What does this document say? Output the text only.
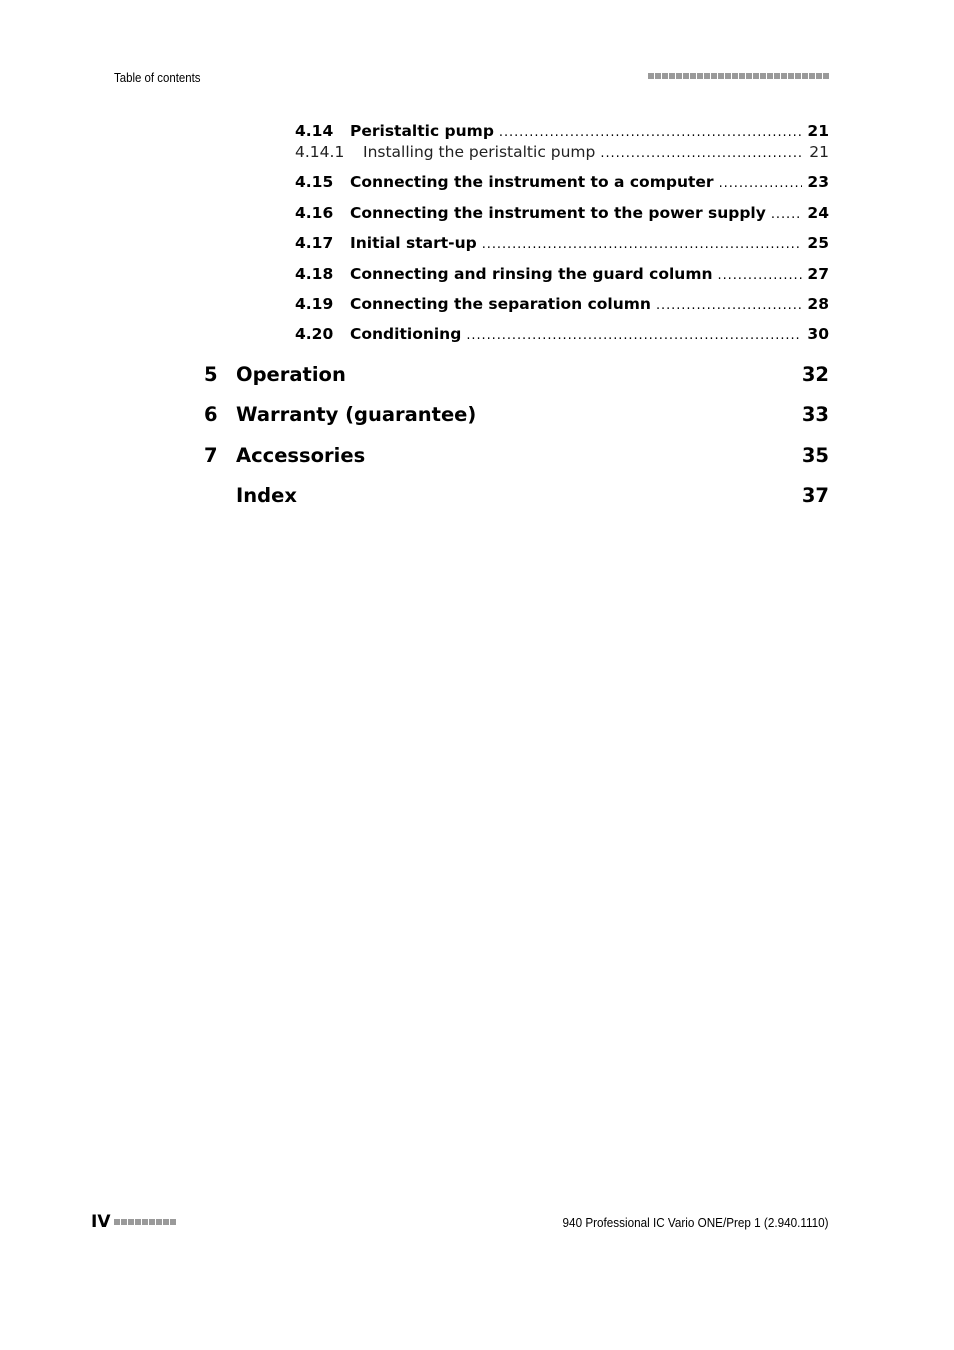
Table of contents
4.14	Peristaltic pump . . .	21
4.14.1	Installing the peristaltic pump . . .	21
4.15	Connecting the instrument to a computer . . .	23
4.16	Connecting the instrument to the power supply . . .	24
4.17	Initial start-up . . .	25
4.18	Connecting and rinsing the guard column . . .	27
4.19	Connecting the separation column . . .	28
4.20	Conditioning . . .	30
5 Operation	32
6 Warranty (guarantee)	33
7 Accessories	35
Index	37
IV	940 Professional IC Vario ONE/Prep 1 (2.940.1110)
